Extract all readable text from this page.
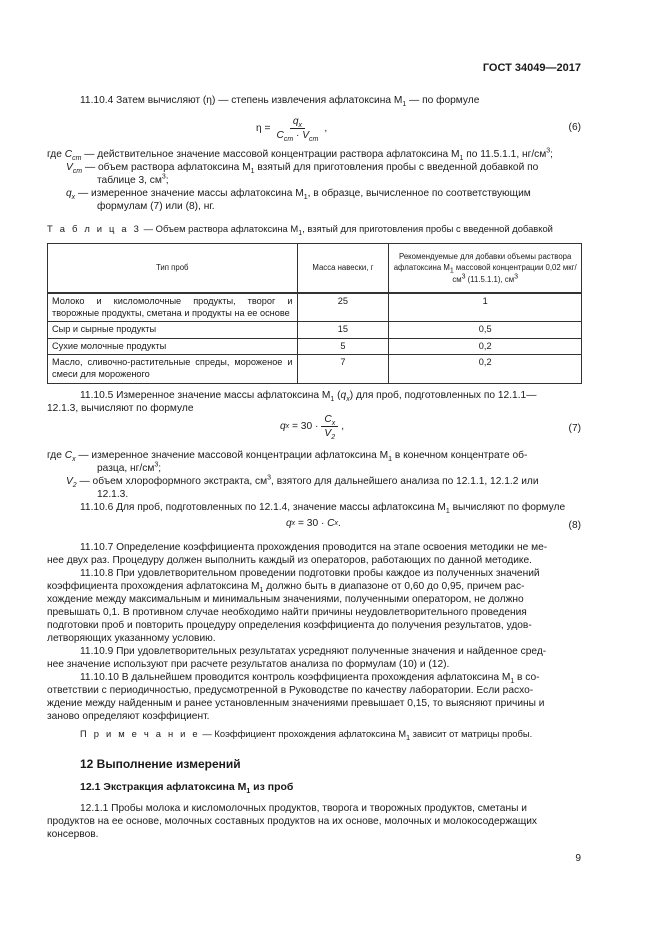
ГОСТ 34049—2017
11.10.4 Затем вычисляют (η) — степень извлечения афлатоксина $М_1$ — по формуле
$\eta = \frac{q_x}{C_{cm} \cdot V_{cm}}$ ,	(6)
где $C_{cm}$ — действительное значение массовой концентрации раствора афлатоксина $М_1$ по 11.5.1.1, $нг/см^3$;
$V_{cm}$ — объем раствора афлатоксина $М_1$ взятый для приготовления пробы с введенной добавкой по
таблице 3, $см^3$;
$q_x$ — измеренное значение массы афлатоксина $М_1$, в образце, вычисленное по соответствующим
формулам (7) или (8), нг.
Т а б л и ц а 3 — Объем раствора афлатоксина $М_1$, взятый для приготовления пробы с введенной добавкой
Тип проб	Масса навески, г	Рекомендуемые для добавки объемы раствора афлатоксина $М_1$ массовой концентрации 0,02 мкг/$см^3$ (11.5.1.1), $см^3$
Молоко и кисломолочные продукты, творог и творожные продукты, сметана и продукты на ее основе	25	1
Сыр и сырные продукты	15	0,5
Сухие молочные продукты	5	0,2
Масло, сливочно-растительные спреды, мороженое и смеси для мороженого	7	0,2
11.10.5 Измеренное значение массы афлатоксина $М_1$ $(q_x)$ для проб, подготовленных по 12.1.1—
12.1.3, вычисляют по формуле
q $x = 30 \cdot \frac{C_x}{V_2}$ ,	(7)
где $C_x$ — измеренное значение массовой концентрации афлатоксина $М_1$ в конечном концентрате об-
разца, $нг/см^3$;
$V_2$ — объем хлороформного экстракта, $см^3$, взятого для дальнейшего анализа по 12.1.1, 12.1.2 или
12.1.3.
11.10.6 Для проб, подготовленных по 12.1.4, значение массы афлатоксина $М_1$ вычисляют по формуле
q x = 30 · C x .	(8)
11.10.7 Определение коэффициента прохождения проводится на этапе освоения методики не ме-
нее двух раз. Процедуру должен выполнить каждый из операторов, работающих по данной методике.
11.10.8 При удовлетворительном проведении подготовки пробы каждое из полученных значений
коэффициента прохождения афлатоксина $М_1$ должно быть в диапазоне от 0,60 до 0,95, причем рас-
хождение между максимальным и минимальным значениями, полученными оператором, не должно
превышать 0,1. В противном случае необходимо найти причины неудовлетворительного проведения
подготовки проб и повторить процедуру определения коэффициента до получения результатов, удов-
летворяющих указанному условию.
11.10.9 При удовлетворительных результатах усредняют полученные значения и найденное сред-
нее значение используют при расчете результатов анализа по формулам (10) и (12).
11.10.10 В дальнейшем проводится контроль коэффициента прохождения афлатоксина $М_1$ в со-
ответствии с периодичностью, предусмотренной в Руководстве по качеству лаборатории. Если расхо-
ждение между найденным и ранее установленным значениями превышает 0,15, то выясняют причины и
заново определяют коэффициент.
П р и м е ч а н и е — Коэффициент прохождения афлатоксина $М_1$ зависит от матрицы пробы.
12 Выполнение измерений
12.1 Экстракция афлатоксина $М_1$ из проб
12.1.1 Пробы молока и кисломолочных продуктов, творога и творожных продуктов, сметаны и
продуктов на ее основе, молочных составных продуктов на их основе, молочных и молокосодержащих
консервов.
9
